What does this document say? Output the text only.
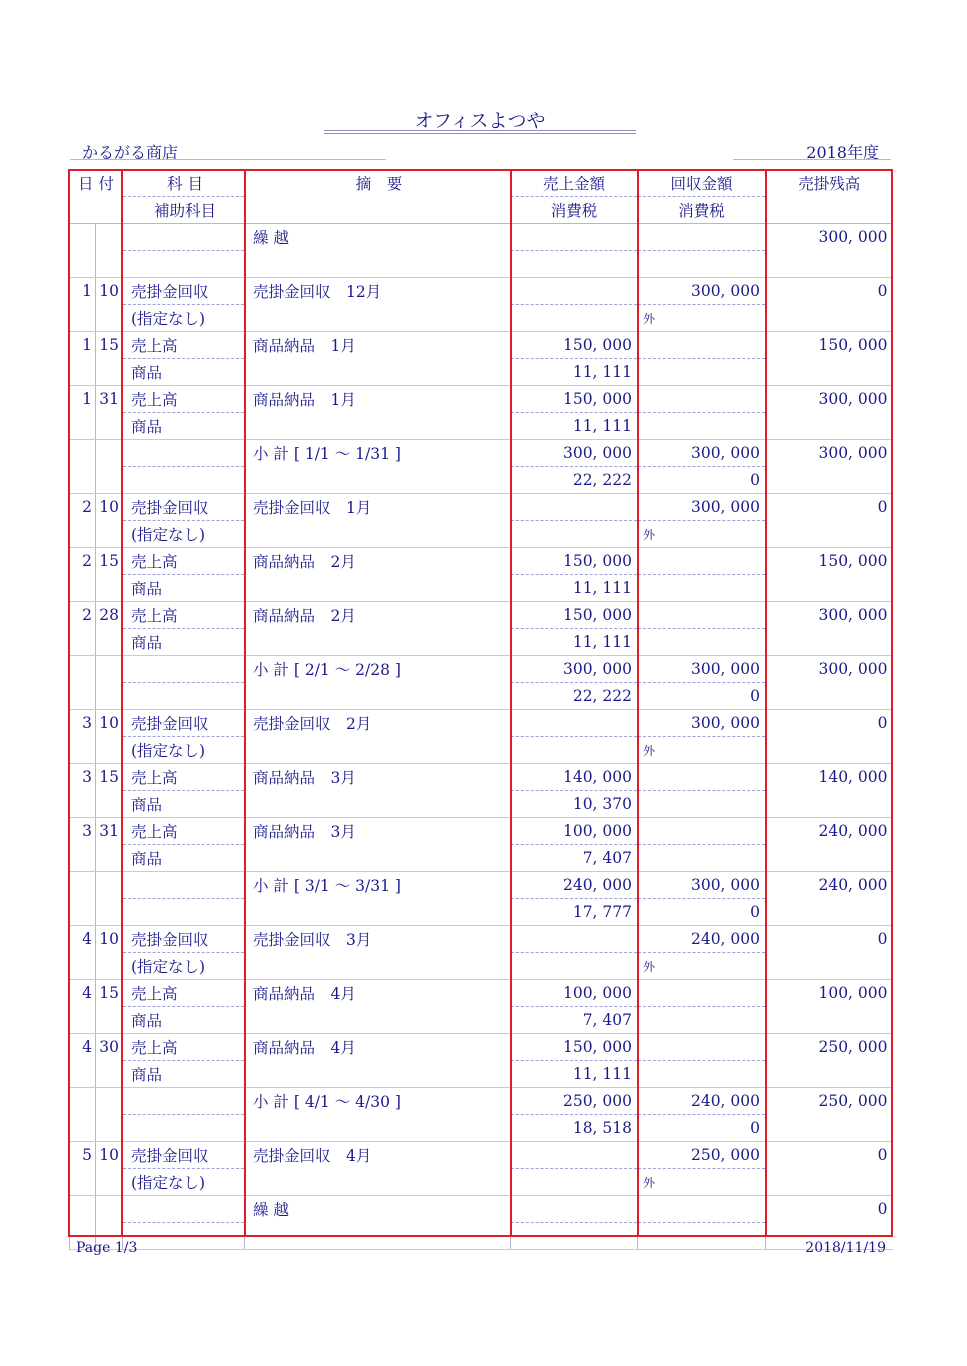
オフィスよつや
かるがる商店	2018年度
日 付		科 目	摘　要	売上金額	回収金額	売掛残高
		補助科目		消費税	消費税	
			繰 越			300, 000

1	10	売掛金回収	売掛金回収　12月		300, 000	0
		(指定なし)			外	
1	15	売上高	商品納品　1月	150, 000		150, 000
		商品		11, 111		
1	31	売上高	商品納品　1月	150, 000		300, 000
		商品		11, 111		
			小 計 [ 1/1 ～ 1/31 ]	300, 000	300, 000	300, 000
				22, 222	0	
2	10	売掛金回収	売掛金回収　1月		300, 000	0
		(指定なし)			外	
2	15	売上高	商品納品　2月	150, 000		150, 000
		商品		11, 111		
2	28	売上高	商品納品　2月	150, 000		300, 000
		商品		11, 111		
			小 計 [ 2/1 ～ 2/28 ]	300, 000	300, 000	300, 000
				22, 222	0	
3	10	売掛金回収	売掛金回収　2月		300, 000	0
		(指定なし)			外	
3	15	売上高	商品納品　3月	140, 000		140, 000
		商品		10, 370		
3	31	売上高	商品納品　3月	100, 000		240, 000
		商品		7, 407		
			小 計 [ 3/1 ～ 3/31 ]	240, 000	300, 000	240, 000
				17, 777	0	
4	10	売掛金回収	売掛金回収　3月		240, 000	0
		(指定なし)			外	
4	15	売上高	商品納品　4月	100, 000		100, 000
		商品		7, 407		
4	30	売上高	商品納品　4月	150, 000		250, 000
		商品		11, 111		
			小 計 [ 4/1 ～ 4/30 ]	250, 000	240, 000	250, 000
				18, 518	0	
5	10	売掛金回収	売掛金回収　4月		250, 000	0
		(指定なし)			外	
			繰 越			0

Page 1/3	2018/11/19
